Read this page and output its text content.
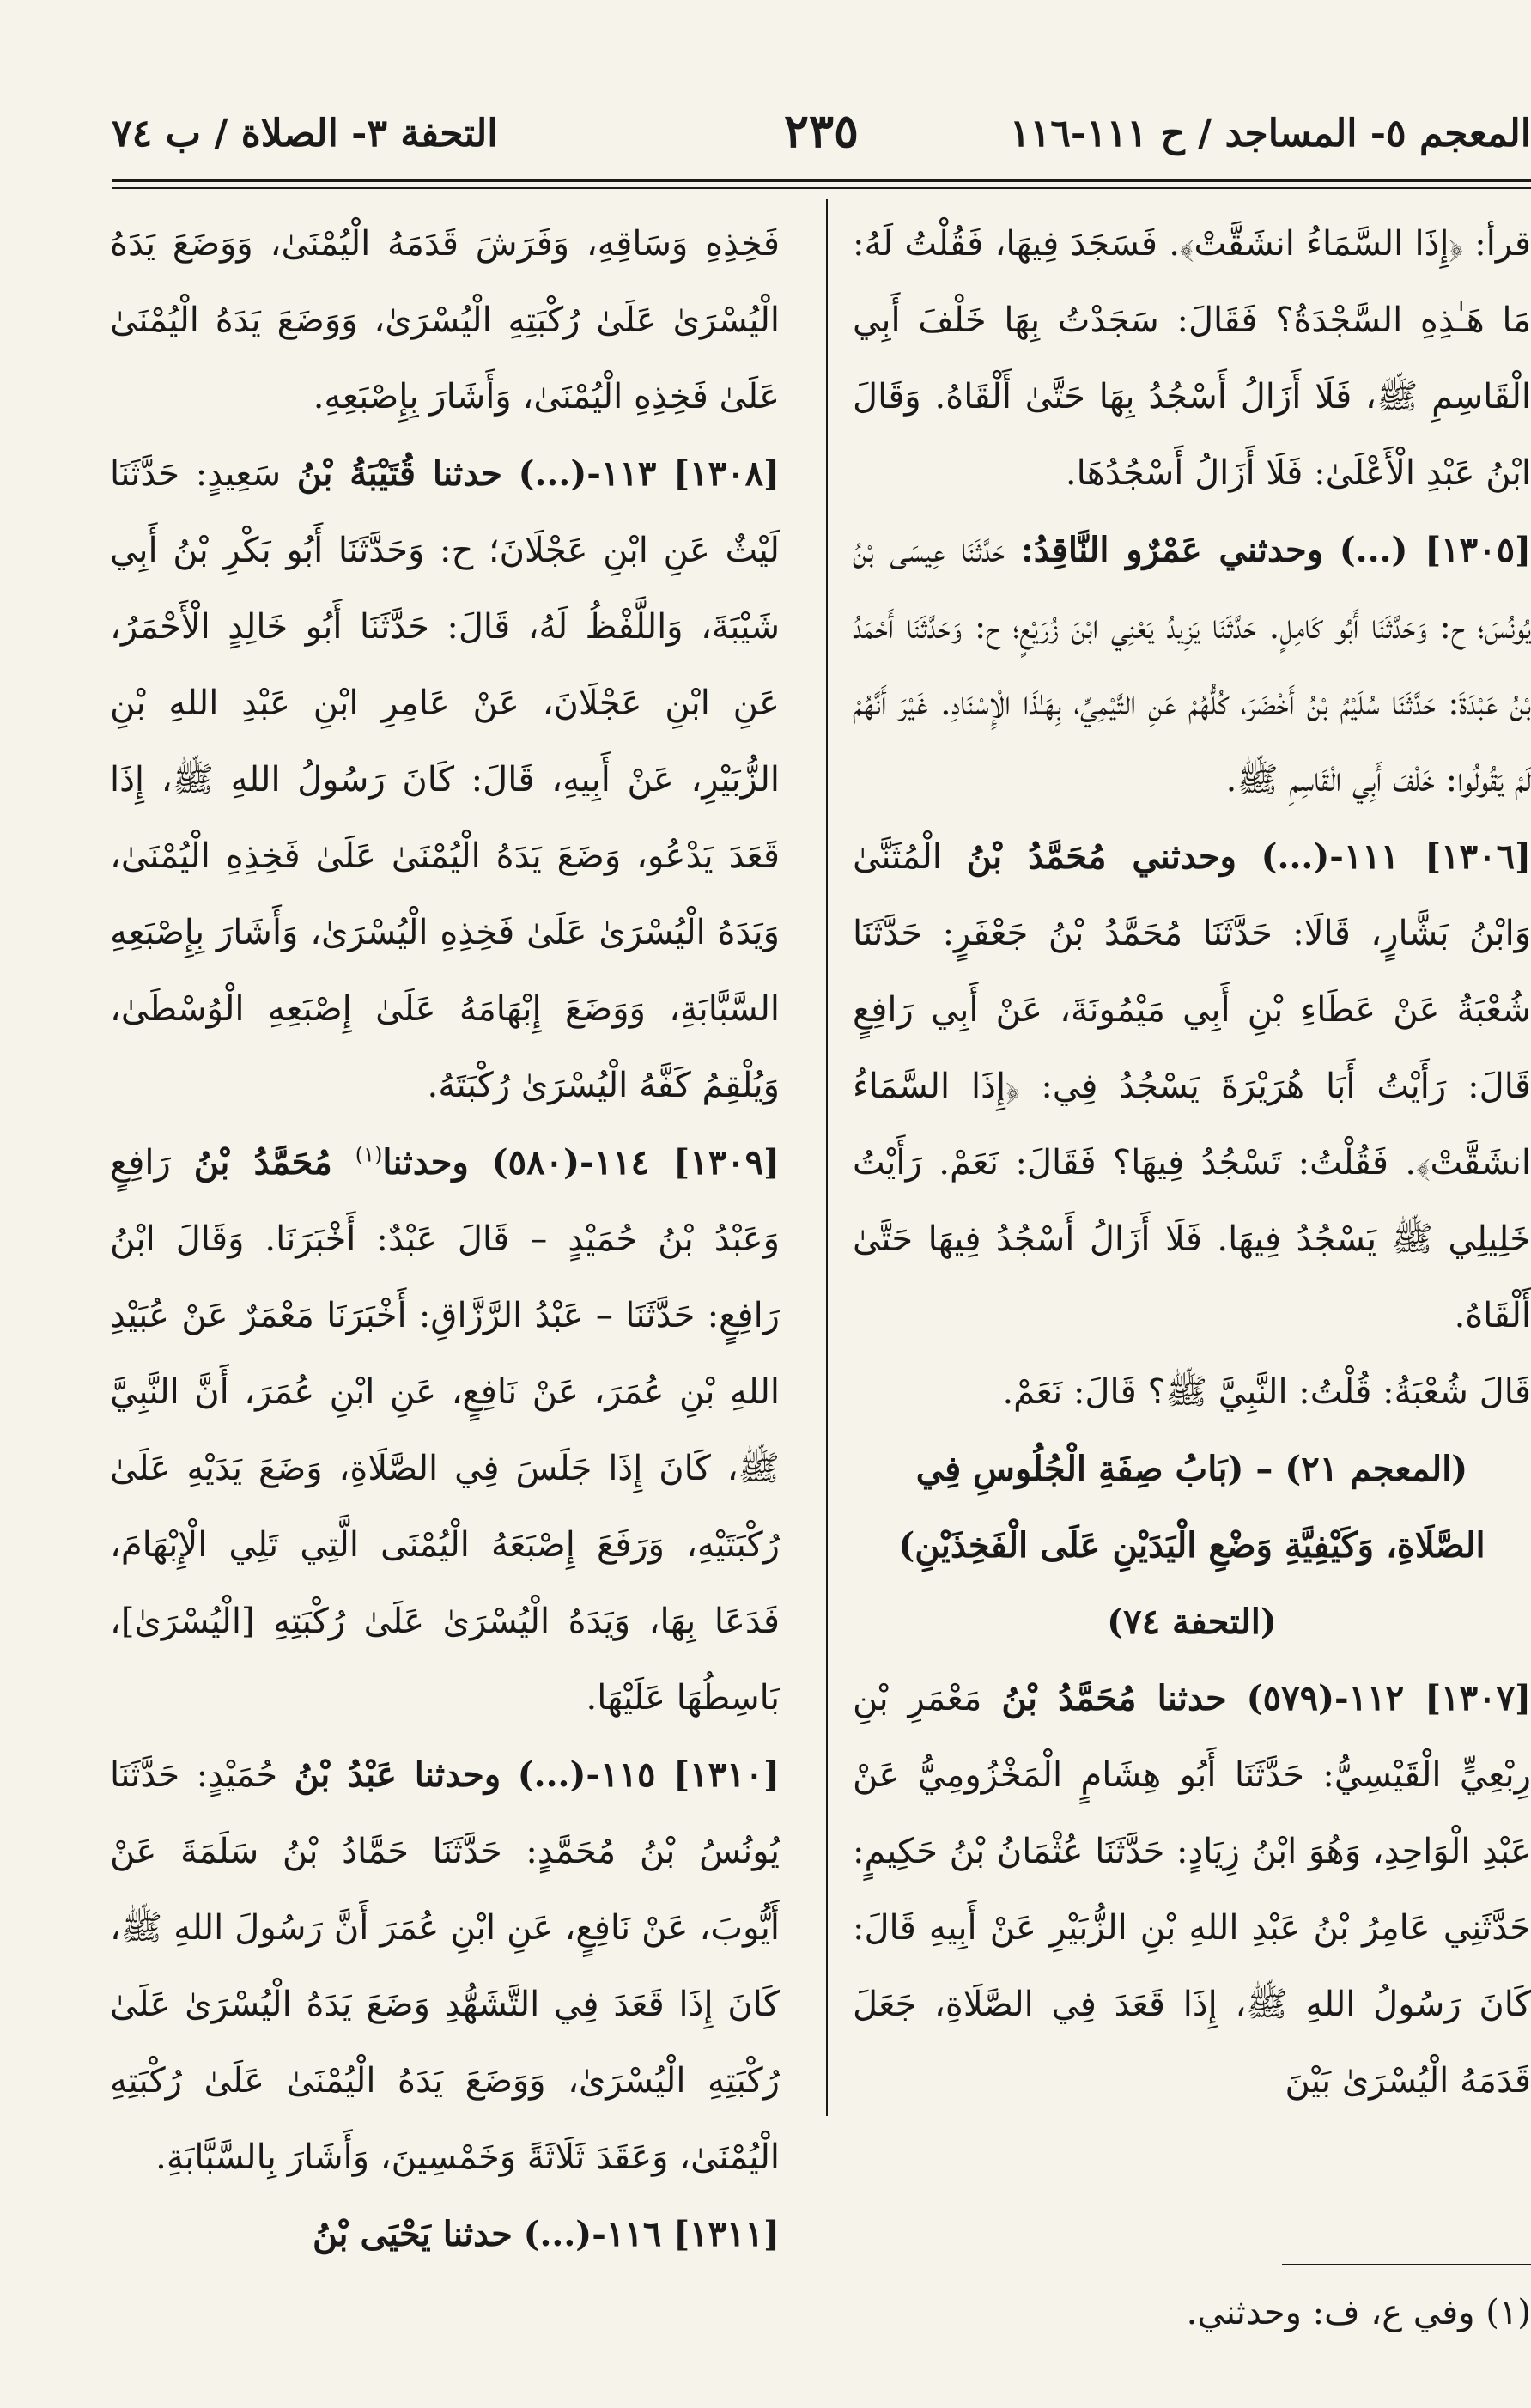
المعجم ٥- المساجد / ح ١١١-١١٦
٢٣٥
التحفة ٣- الصلاة / ب ٧٤

قرأ: ﴿إِذَا السَّمَاءُ انشَقَّتْ﴾. فَسَجَدَ فِيهَا، فَقُلْتُ لَهُ: مَا هَـٰذِهِ السَّجْدَةُ؟ فَقَالَ: سَجَدْتُ بِهَا خَلْفَ أَبِي الْقَاسِمِ ﷺ، فَلَا أَزَالُ أَسْجُدُ بِهَا حَتَّىٰ أَلْقَاهُ. وَقَالَ ابْنُ عَبْدِ الْأَعْلَىٰ: فَلَا أَزَالُ أَسْجُدُهَا.

[١٣٠٥] (...) وحدثني عَمْرٌو النَّاقِدُ: حَدَّثَنَا عِيسَى بْنُ يُونُسَ؛ ح: وَحَدَّثَنَا أَبُو كَامِلٍ. حَدَّثَنَا يَزِيدُ يَعْنِي ابْنَ زُرَيْعٍ؛ ح: وَحَدَّثَنَا أَحْمَدُ بْنُ عَبْدَةَ: حَدَّثَنَا سُلَيْمُ بْنُ أَخْضَرَ، كُلُّهُمْ عَنِ التَّيْمِيِّ، بِهَـٰذَا الْإِسْنَادِ. غَيْرَ أَنَّهُمْ لَمْ يَقُولُوا: خَلْفَ أَبِي الْقَاسِمِ ﷺ.

[١٣٠٦] ١١١-(...) وحدثني مُحَمَّدُ بْنُ الْمُثَنَّىٰ وَابْنُ بَشَّارٍ، قَالَا: حَدَّثَنَا مُحَمَّدُ بْنُ جَعْفَرٍ: حَدَّثَنَا شُعْبَةُ عَنْ عَطَاءِ بْنِ أَبِي مَيْمُونَةَ، عَنْ أَبِي رَافِعٍ قَالَ: رَأَيْتُ أَبَا هُرَيْرَةَ يَسْجُدُ فِي: ﴿إِذَا السَّمَاءُ انشَقَّتْ﴾. فَقُلْتُ: تَسْجُدُ فِيهَا؟ فَقَالَ: نَعَمْ. رَأَيْتُ خَلِيلِي ﷺ يَسْجُدُ فِيهَا. فَلَا أَزَالُ أَسْجُدُ فِيهَا حَتَّىٰ أَلْقَاهُ.

قَالَ شُعْبَةُ: قُلْتُ: النَّبِيَّ ﷺ؟ قَالَ: نَعَمْ.

(المعجم ٢١) – (بَابُ صِفَةِ الْجُلُوسِ فِي

الصَّلَاةِ، وَكَيْفِيَّةِ وَضْعِ الْيَدَيْنِ عَلَى الْفَخِذَيْنِ)

(التحفة ٧٤)

[١٣٠٧] ١١٢-(٥٧٩) حدثنا مُحَمَّدُ بْنُ مَعْمَرِ بْنِ رِبْعِيٍّ الْقَيْسِيُّ: حَدَّثَنَا أَبُو هِشَامٍ الْمَخْزُومِيُّ عَنْ عَبْدِ الْوَاحِدِ، وَهُوَ ابْنُ زِيَادٍ: حَدَّثَنَا عُثْمَانُ بْنُ حَكِيمٍ: حَدَّثَنِي عَامِرُ بْنُ عَبْدِ اللهِ بْنِ الزُّبَيْرِ عَنْ أَبِيهِ قَالَ: كَانَ رَسُولُ اللهِ ﷺ، إِذَا قَعَدَ فِي الصَّلَاةِ، جَعَلَ قَدَمَهُ الْيُسْرَىٰ بَيْنَ

فَخِذِهِ وَسَاقِهِ، وَفَرَشَ قَدَمَهُ الْيُمْنَىٰ، وَوَضَعَ يَدَهُ الْيُسْرَىٰ عَلَىٰ رُكْبَتِهِ الْيُسْرَىٰ، وَوَضَعَ يَدَهُ الْيُمْنَىٰ عَلَىٰ فَخِذِهِ الْيُمْنَىٰ، وَأَشَارَ بِإِصْبَعِهِ.

[١٣٠٨] ١١٣-(...) حدثنا قُتَيْبَةُ بْنُ سَعِيدٍ: حَدَّثَنَا لَيْثٌ عَنِ ابْنِ عَجْلَانَ؛ ح: وَحَدَّثَنَا أَبُو بَكْرِ بْنُ أَبِي شَيْبَةَ، وَاللَّفْظُ لَهُ، قَالَ: حَدَّثَنَا أَبُو خَالِدٍ الْأَحْمَرُ، عَنِ ابْنِ عَجْلَانَ، عَنْ عَامِرِ ابْنِ عَبْدِ اللهِ بْنِ الزُّبَيْرِ، عَنْ أَبِيهِ، قَالَ: كَانَ رَسُولُ اللهِ ﷺ، إِذَا قَعَدَ يَدْعُو، وَضَعَ يَدَهُ الْيُمْنَىٰ عَلَىٰ فَخِذِهِ الْيُمْنَىٰ، وَيَدَهُ الْيُسْرَىٰ عَلَىٰ فَخِذِهِ الْيُسْرَىٰ، وَأَشَارَ بِإِصْبَعِهِ السَّبَّابَةِ، وَوَضَعَ إِبْهَامَهُ عَلَىٰ إِصْبَعِهِ الْوُسْطَىٰ، وَيُلْقِمُ كَفَّهُ الْيُسْرَىٰ رُكْبَتَهُ.

[١٣٠٩] ١١٤-(٥٨٠) وحدثنا$^{(١)}$ مُحَمَّدُ بْنُ رَافِعٍ وَعَبْدُ بْنُ حُمَيْدٍ – قَالَ عَبْدٌ: أَخْبَرَنَا. وَقَالَ ابْنُ رَافِعٍ: حَدَّثَنَا – عَبْدُ الرَّزَّاقِ: أَخْبَرَنَا مَعْمَرٌ عَنْ عُبَيْدِ اللهِ بْنِ عُمَرَ، عَنْ نَافِعٍ، عَنِ ابْنِ عُمَرَ، أَنَّ النَّبِيَّ ﷺ، كَانَ إِذَا جَلَسَ فِي الصَّلَاةِ، وَضَعَ يَدَيْهِ عَلَىٰ رُكْبَتَيْهِ، وَرَفَعَ إِصْبَعَهُ الْيُمْنَى الَّتِي تَلِي الْإِبْهَامَ، فَدَعَا بِهَا، وَيَدَهُ الْيُسْرَىٰ عَلَىٰ رُكْبَتِهِ [الْيُسْرَىٰ]، بَاسِطُهَا عَلَيْهَا.

[١٣١٠] ١١٥-(...) وحدثنا عَبْدُ بْنُ حُمَيْدٍ: حَدَّثَنَا يُونُسُ بْنُ مُحَمَّدٍ: حَدَّثَنَا حَمَّادُ بْنُ سَلَمَةَ عَنْ أَيُّوبَ، عَنْ نَافِعٍ، عَنِ ابْنِ عُمَرَ أَنَّ رَسُولَ اللهِ ﷺ، كَانَ إِذَا قَعَدَ فِي التَّشَهُّدِ وَضَعَ يَدَهُ الْيُسْرَىٰ عَلَىٰ رُكْبَتِهِ الْيُسْرَىٰ، وَوَضَعَ يَدَهُ الْيُمْنَىٰ عَلَىٰ رُكْبَتِهِ الْيُمْنَىٰ، وَعَقَدَ ثَلَاثَةً وَخَمْسِينَ، وَأَشَارَ بِالسَّبَّابَةِ.

[١٣١١] ١١٦-(...) حدثنا يَحْيَى بْنُ

(١) وفي ع، ف: وحدثني.
